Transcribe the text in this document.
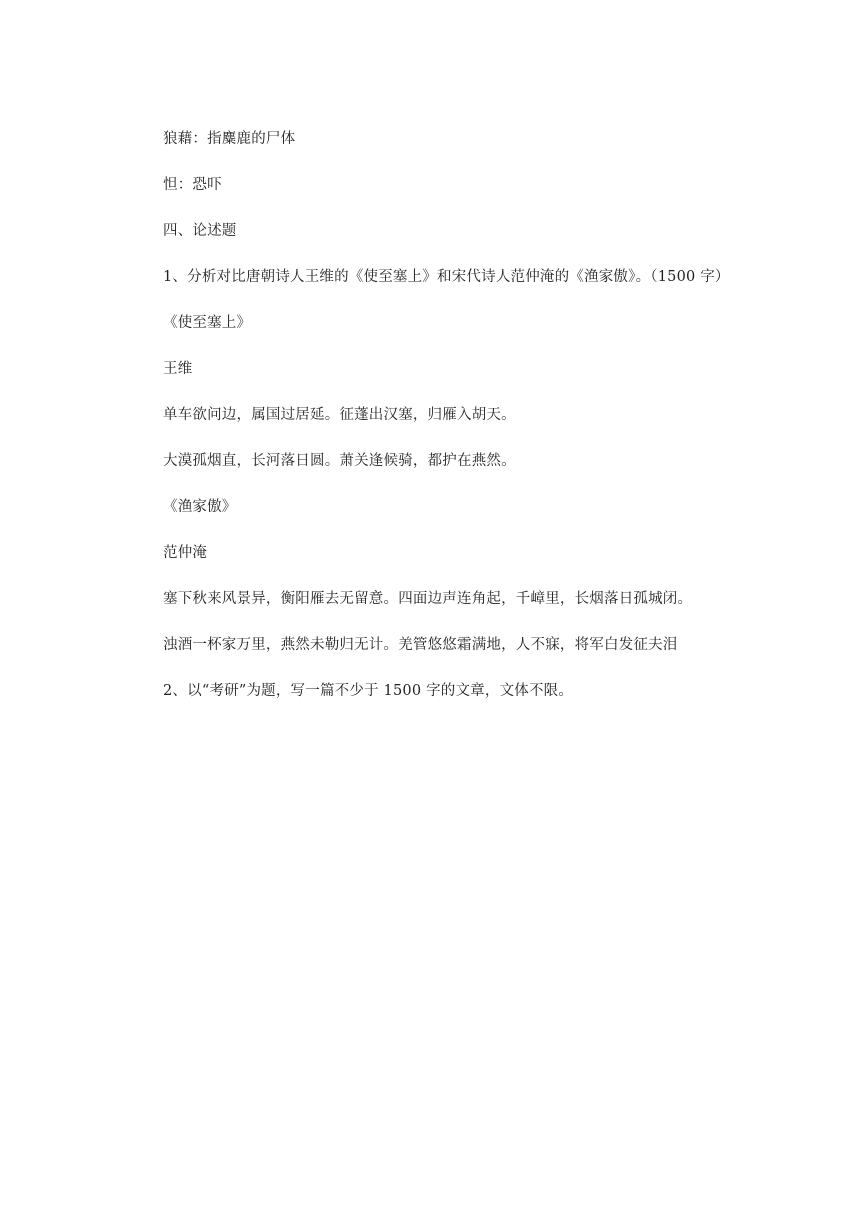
狼藉：指麋鹿的尸体
怛：恐吓
四、论述题
1、分析对比唐朝诗人王维的《使至塞上》和宋代诗人范仲淹的《渔家傲》。（1500 字）
《使至塞上》
王维
单车欲问边，属国过居延。征蓬出汉塞，归雁入胡天。
大漠孤烟直，长河落日圆。萧关逢候骑，都护在燕然。
《渔家傲》
范仲淹
塞下秋来风景异，衡阳雁去无留意。四面边声连角起，千嶂里，长烟落日孤城闭。
浊酒一杯家万里，燕然未勒归无计。羌管悠悠霜满地，人不寐，将军白发征夫泪
2、以“考研”为题，写一篇不少于 1500 字的文章，文体不限。
